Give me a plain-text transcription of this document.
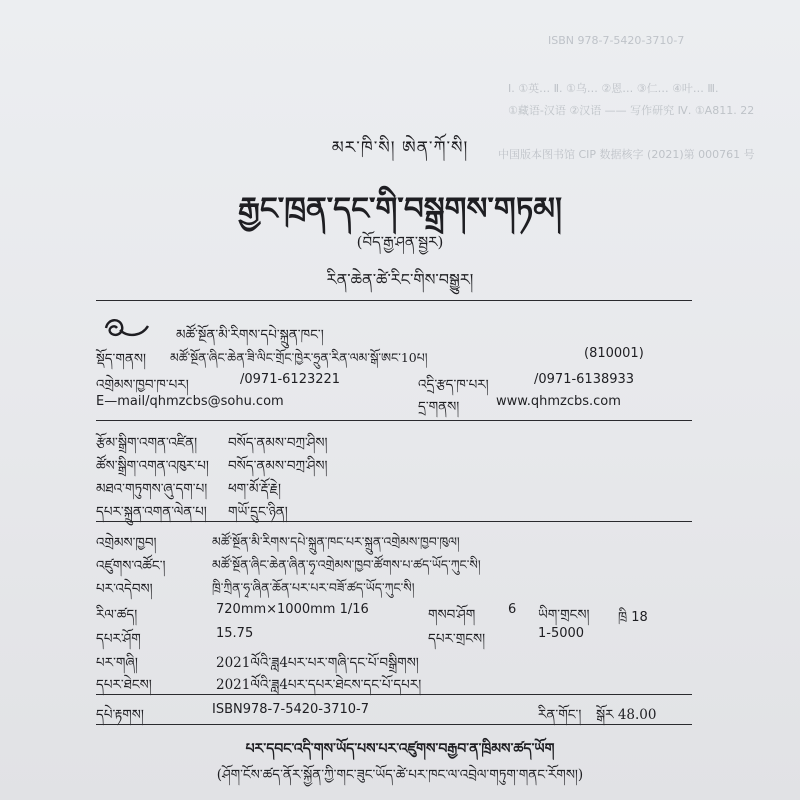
ISBN 978-7-5420-3710-7
Ⅰ. ①英… Ⅱ. ①乌… ②恩… ③仁… ④叶… Ⅲ.
①藏语-汉语 ②汉语 —— 写作研究 Ⅳ. ①A811. 22
中国版本图书馆 CIP 数据核字 (2021)第 000761 号
མར་ཁི་སི། ཨེན་ཀོ་སི།
རྒྱང་ཁྲན་དང་གི་བསྒྲགས་གཏམ།
(བོད་རྒྱ་ཤན་སྦྱར)
རིན་ཆེན་ཚེ་རིང་གིས་བསྒྱུར།
མཚོ་སྔོན་མི་རིགས་དཔེ་སྐྲུན་ཁང་།
སྡོད་གནས། མཚོ་སྔོན་ཞིང་ཆེན་ཟི་ལིང་གྲོང་ཁྱེར་ཧྲུན་རིན་ལམ་སྒོ་ཨང་10པ།	(810001)
འགྲེམས་ཁྱབ་ཁ་པར།	/0971-6123221	འདྲི་རྩད་ཁ་པར།	/0971-6138933
E—mail/qhmzcbs@sohu.com	དྲ་གནས།	www.qhmzcbs.com
རྩོམ་སྒྲིག་འགན་འཛིན། བསོད་ནམས་བཀྲ་ཤིས།
ཚོས་སྒྲིག་འགན་འཁུར་པ། བསོད་ནམས་བཀྲ་ཤིས།
མཐའ་གཏུགས་ཞུ་དག་པ། ཕག་མོ་རྡོ་རྗེ།
དཔར་སྐྲུན་འགན་ལེན་པ། གཡོ་དྲུང་ཉིན།
འགྲེམས་ཁྱབ།	མཚོ་སྔོན་མི་རིགས་དཔེ་སྐྲུན་ཁང་པར་སྐྲུན་འགྲེམས་ཁྱབ་ཁུལ།
འཛུགས་འཚོང་།	མཚོ་སྔོན་ཞིང་ཆེན་ཞིན་ཧྭ་འགྲེམས་ཁྱབ་ཚོགས་པ་ཚད་ཡོད་ཀུང་སི།
པར་འདེབས།	ཁྲི་ཀྲིན་ཧྭ་ཞིན་ཆོན་པར་པར་བཟོ་ཚད་ཡོད་ཀུང་སི།
རིལ་ཚད།	720mm×1000mm 1/16	གསབ་ཤོག	6 ཡིག་གྲངས། ཁྲི 18
དཔར་ཤོག	15.75	དཔར་གྲངས།	1-5000
པར་གཞི།	2021ལོའི་ཟླ4པར་པར་གཞི་དང་པོ་བསྒྲིགས།
དཔར་ཐེངས།	2021ལོའི་ཟླ4པར་དཔར་ཐེངས་དང་པོ་དཔར།
དཔེ་རྟགས།	ISBN978-7-5420-3710-7	རིན་གོང་། སྒོར 48.00
པར་དབང་འདི་གས་ཡོད་པས་པར་འཛུགས་བརྒྱབ་ན་ཁྲིམས་ཚད་ཡོག
(ཤོག་ངོས་ཚད་ནོར་སྐྱོན་ཀྱི་གང་ཟུང་ཡོད་ཚེ་པར་ཁང་ལ་འབྲེལ་གཏུག་གནང་རོགས།)
